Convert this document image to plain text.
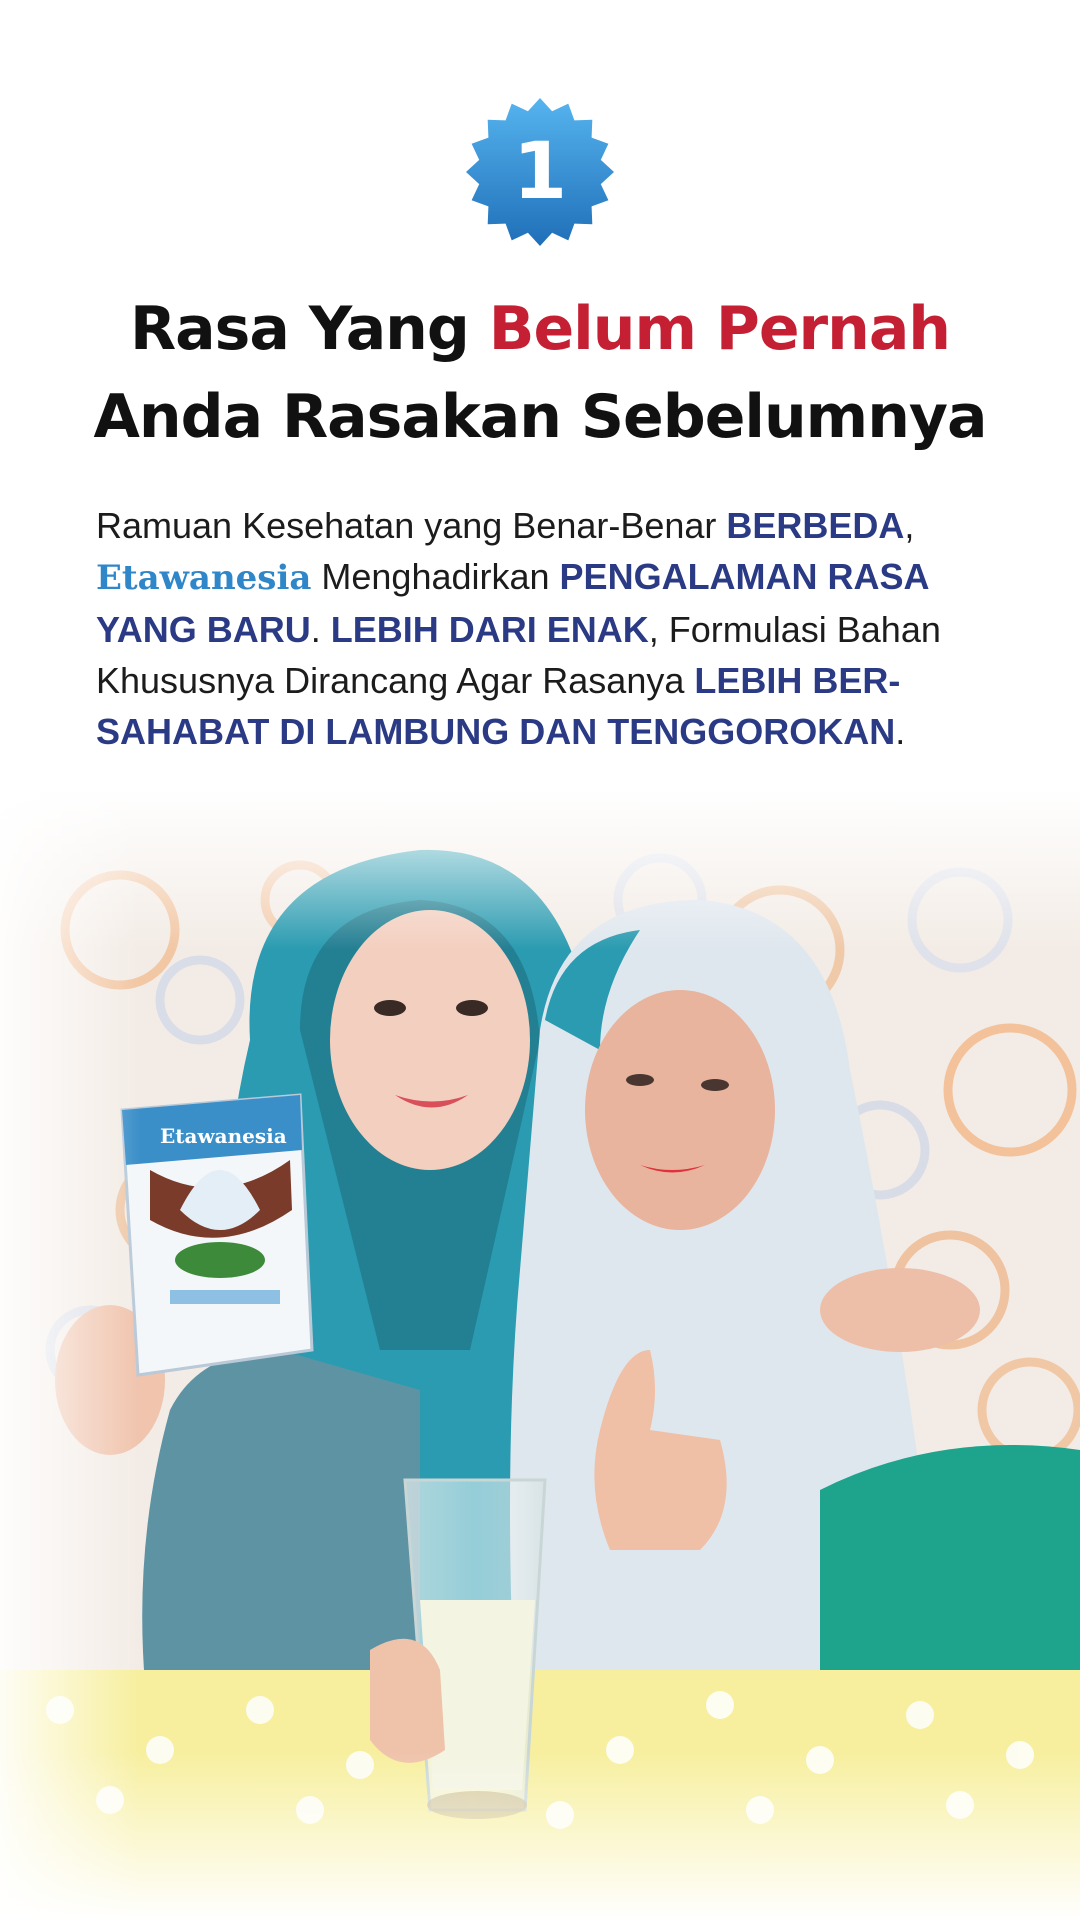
1
Rasa Yang Belum Pernah
Anda Rasakan Sebelumnya
Ramuan Kesehatan yang Benar-Benar BERBEDA, Etawanesia Menghadirkan PENGALAMAN RASA YANG BARU. LEBIH DARI ENAK, Formulasi Bahan Khususnya Dirancang Agar Rasanya LEBIH BER-SAHABAT DI LAMBUNG DAN TENGGOROKAN.
Etawanesia
